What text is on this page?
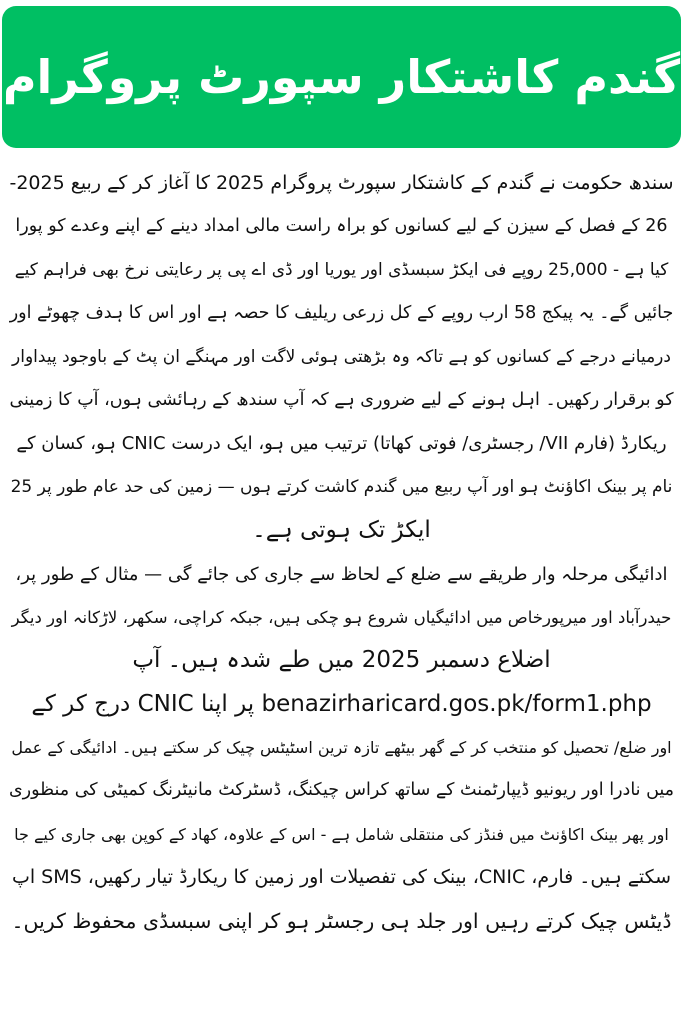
گندم کاشتکار سپورٹ پروگرام
سندھ حکومت نے گندم کے کاشتکار سپورٹ پروگرام 2025 کا آغاز کر کے ربیع 2025-
26 کے فصل کے سیزن کے لیے کسانوں کو براہ راست مالی امداد دینے کے اپنے وعدے کو پورا
کیا ہے - 25,000 روپے فی ایکڑ سبسڈی اور یوریا اور ڈی اے پی پر رعایتی نرخ بھی فراہم کیے
جائیں گے۔ یہ پیکج 58 ارب روپے کے کل زرعی ریلیف کا حصہ ہے اور اس کا ہدف چھوٹے اور
درمیانے درجے کے کسانوں کو ہے تاکہ وہ بڑھتی ہوئی لاگت اور مہنگے ان پٹ کے باوجود پیداوار
کو برقرار رکھیں۔ اہل ہونے کے لیے ضروری ہے کہ آپ سندھ کے رہائشی ہوں، آپ کا زمینی
ریکارڈ (فارم VII/ رجسٹری/ فوتی کھاتا) ترتیب میں ہو، ایک درست CNIC ہو، کسان کے
نام پر بینک اکاؤنٹ ہو اور آپ ربیع میں گندم کاشت کرتے ہوں — زمین کی حد عام طور پر 25
ایکڑ تک ہوتی ہے۔
ادائیگی مرحلہ وار طریقے سے ضلع کے لحاظ سے جاری کی جائے گی — مثال کے طور پر،
حیدرآباد اور میرپورخاص میں ادائیگیاں شروع ہو چکی ہیں، جبکہ کراچی، سکھر، لاڑکانہ اور دیگر
اضلاع دسمبر 2025 میں طے شدہ ہیں۔ آپ
benazirharicard.gos.pk/form1.php پر اپنا CNIC درج کر کے
اور ضلع/ تحصیل کو منتخب کر کے گھر بیٹھے تازہ ترین اسٹیٹس چیک کر سکتے ہیں۔ ادائیگی کے عمل
میں نادرا اور ریونیو ڈیپارٹمنٹ کے ساتھ کراس چیکنگ، ڈسٹرکٹ مانیٹرنگ کمیٹی کی منظوری
اور پھر بینک اکاؤنٹ میں فنڈز کی منتقلی شامل ہے - اس کے علاوہ، کھاد کے کوپن بھی جاری کیے جا
سکتے ہیں۔ فارم، CNIC، بینک کی تفصیلات اور زمین کا ریکارڈ تیار رکھیں، SMS اپ
ڈیٹس چیک کرتے رہیں اور جلد ہی رجسٹر ہو کر اپنی سبسڈی محفوظ کریں۔
